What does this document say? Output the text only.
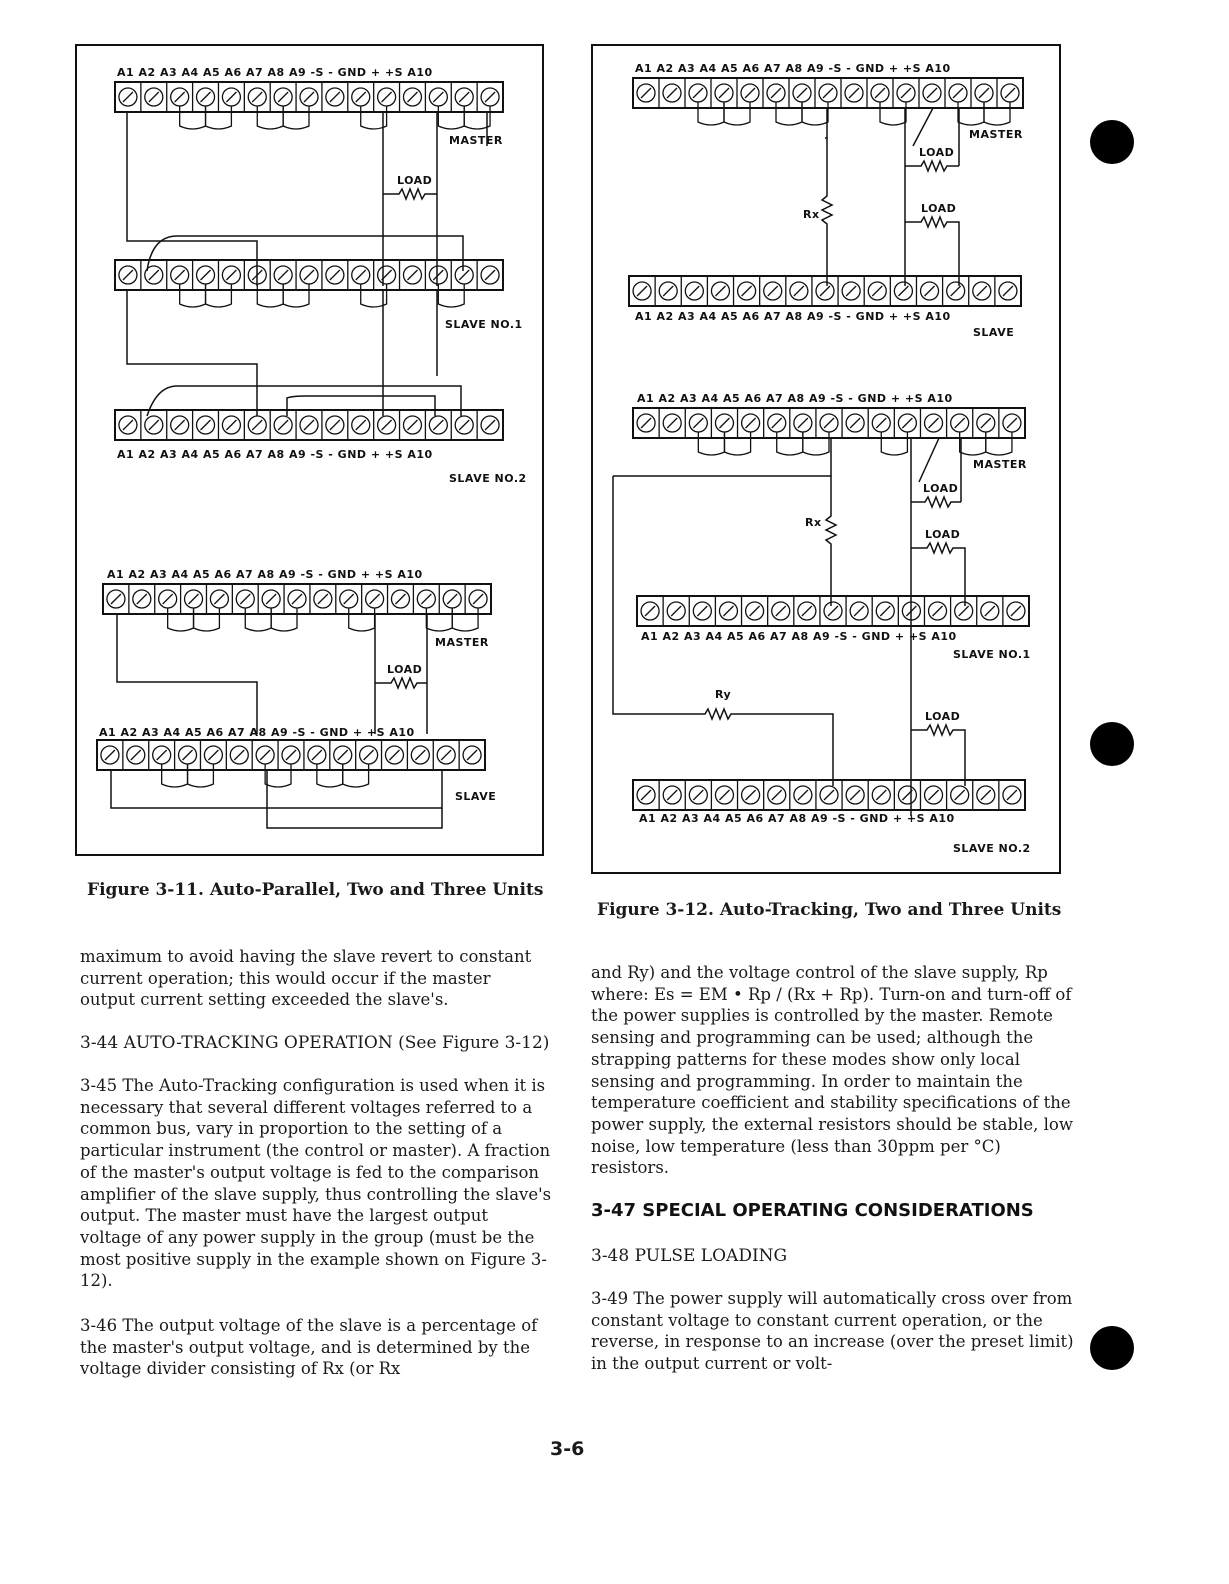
A1 A2 A3 A4 A5 A6 A7 A8 A9 -S - GND + +S A10
MASTER
LOAD
SLAVE NO.1
A1 A2 A3 A4 A5 A6 A7 A8 A9 -S - GND + +S A10
SLAVE NO.2
A1 A2 A3 A4 A5 A6 A7 A8 A9 -S - GND + +S A10
MASTER
LOAD
A1 A2 A3 A4 A5 A6 A7 A8 A9 -S - GND + +S A10
SLAVE
Figure 3-11. Auto-Parallel, Two and Three Units
A1 A2 A3 A4 A5 A6 A7 A8 A9 -S - GND + +S A10
MASTER
LOAD
Rx	LOAD
A1 A2 A3 A4 A5 A6 A7 A8 A9 -S - GND + +S A10
SLAVE
A1 A2 A3 A4 A5 A6 A7 A8 A9 -S - GND + +S A10
MASTER
LOAD
Rx
LOAD
A1 A2 A3 A4 A5 A6 A7 A8 A9 -S - GND + +S A10
SLAVE NO.1
Ry
LOAD
A1 A2 A3 A4 A5 A6 A7 A8 A9 -S - GND + +S A10
SLAVE NO.2
Figure 3-12. Auto-Tracking, Two and Three Units

maximum to avoid having the slave revert to constant current operation; this would occur if the master output current setting exceeded the slave's.

3-44 AUTO-TRACKING OPERATION (See Figure 3-12)

3-45 The Auto-Tracking configuration is used when it is necessary that several different voltages referred to a common bus, vary in proportion to the setting of a particular instrument (the control or master). A fraction of the master's output voltage is fed to the comparison amplifier of the slave supply, thus controlling the slave's output. The master must have the largest output voltage of any power supply in the group (must be the most positive supply in the example shown on Figure 3-12).

3-46 The output voltage of the slave is a percentage of the master's output voltage, and is determined by the voltage divider consisting of Rx (or Rx

and Ry) and the voltage control of the slave supply, Rp where: Es = EM • Rp / (Rx + Rp). Turn-on and turn-off of the power supplies is controlled by the master. Remote sensing and programming can be used; although the strapping patterns for these modes show only local sensing and programming. In order to maintain the temperature coefficient and stability specifications of the power supply, the external resistors should be stable, low noise, low temperature (less than 30ppm per °C) resistors.

3-47 SPECIAL OPERATING CONSIDERATIONS

3-48 PULSE LOADING

3-49 The power supply will automatically cross over from constant voltage to constant current operation, or the reverse, in response to an increase (over the preset limit) in the output current or volt-

3-6
